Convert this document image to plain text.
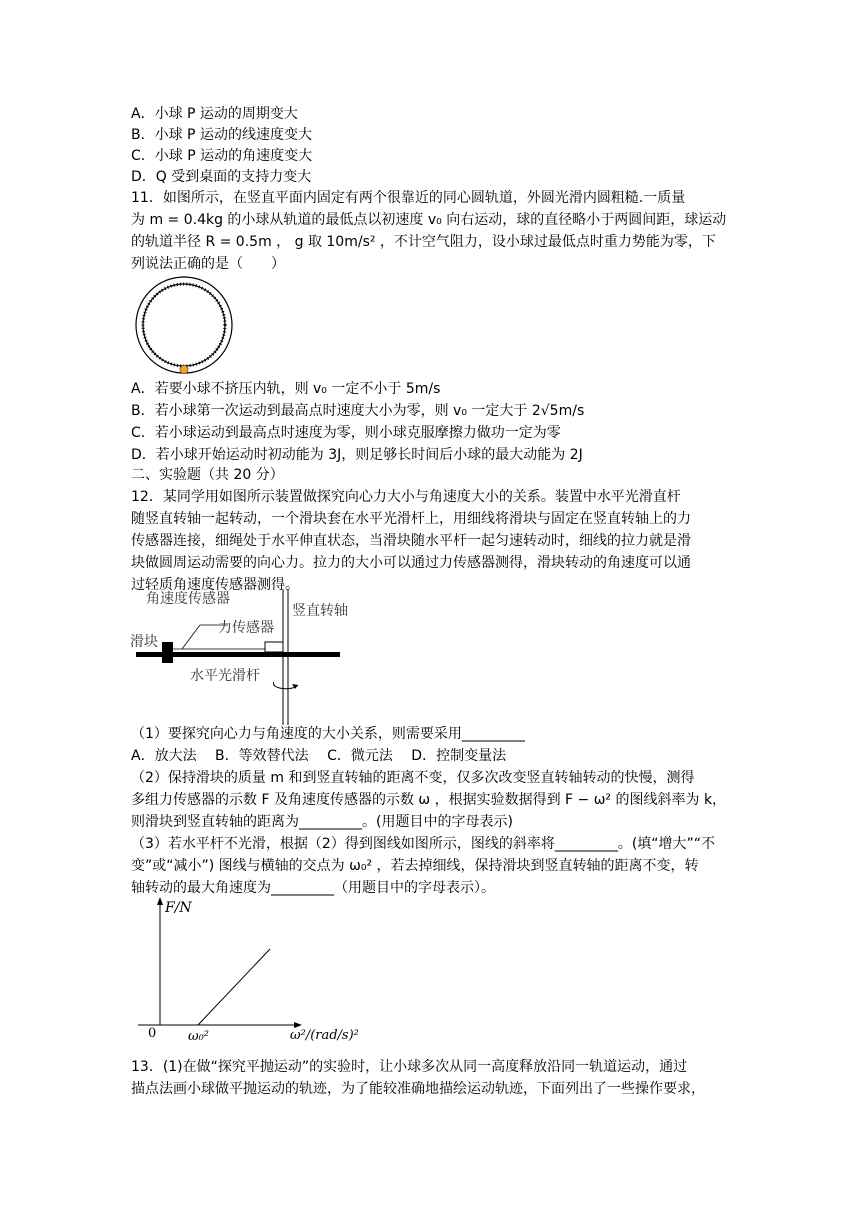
A．小球 P 运动的周期变大
B．小球 P 运动的线速度变大
C．小球 P 运动的角速度变大
D．Q 受到桌面的支持力变大
11．如图所示，在竖直平面内固定有两个很靠近的同心圆轨道，外圆光滑内圆粗糙.一质量
为 m = 0.4kg 的小球从轨道的最低点以初速度 v₀ 向右运动，球的直径略小于两圆间距，球运动
的轨道半径 R = 0.5m ， g 取 10m/s² ，不计空气阻力，设小球过最低点时重力势能为零，下
列说法正确的是（　　）
A．若要小球不挤压内轨，则 v₀ 一定不小于 5m/s
B．若小球第一次运动到最高点时速度大小为零，则 v₀ 一定大于 2√5m/s
C．若小球运动到最高点时速度为零，则小球克服摩擦力做功一定为零
D．若小球开始运动时初动能为 3J，则足够长时间后小球的最大动能为 2J
二、实验题（共 20 分）
12．某同学用如图所示装置做探究向心力大小与角速度大小的关系。装置中水平光滑直杆
随竖直转轴一起转动，一个滑块套在水平光滑杆上，用细线将滑块与固定在竖直转轴上的力
传感器连接，细绳处于水平伸直状态，当滑块随水平杆一起匀速转动时，细线的拉力就是滑
块做圆周运动需要的向心力。拉力的大小可以通过力传感器测得，滑块转动的角速度可以通
过轻质角速度传感器测得。
角速度传感器
竖直转轴
力传感器
滑块
水平光滑杆
（1）要探究向心力与角速度的大小关系，则需要采用_________
A．放大法　 B．等效替代法　 C．微元法　 D．控制变量法
（2）保持滑块的质量 m 和到竖直转轴的距离不变，仅多次改变竖直转轴转动的快慢，测得
多组力传感器的示数 F 及角速度传感器的示数 ω ，根据实验数据得到 F − ω² 的图线斜率为 k，
则滑块到竖直转轴的距离为_________。(用题目中的字母表示)
（3）若水平杆不光滑，根据（2）得到图线如图所示，图线的斜率将_________。(填“增大”“不
变”或“减小”) 图线与横轴的交点为 ω₀² ，若去掉细线，保持滑块到竖直转轴的距离不变，转
轴转动的最大角速度为_________（用题目中的字母表示）。
F/N
0 ω₀²	ω²/(rad/s)²
13．(1)在做“探究平抛运动”的实验时，让小球多次从同一高度释放沿同一轨道运动，通过
描点法画小球做平抛运动的轨迹，为了能较准确地描绘运动轨迹，下面列出了一些操作要求，
